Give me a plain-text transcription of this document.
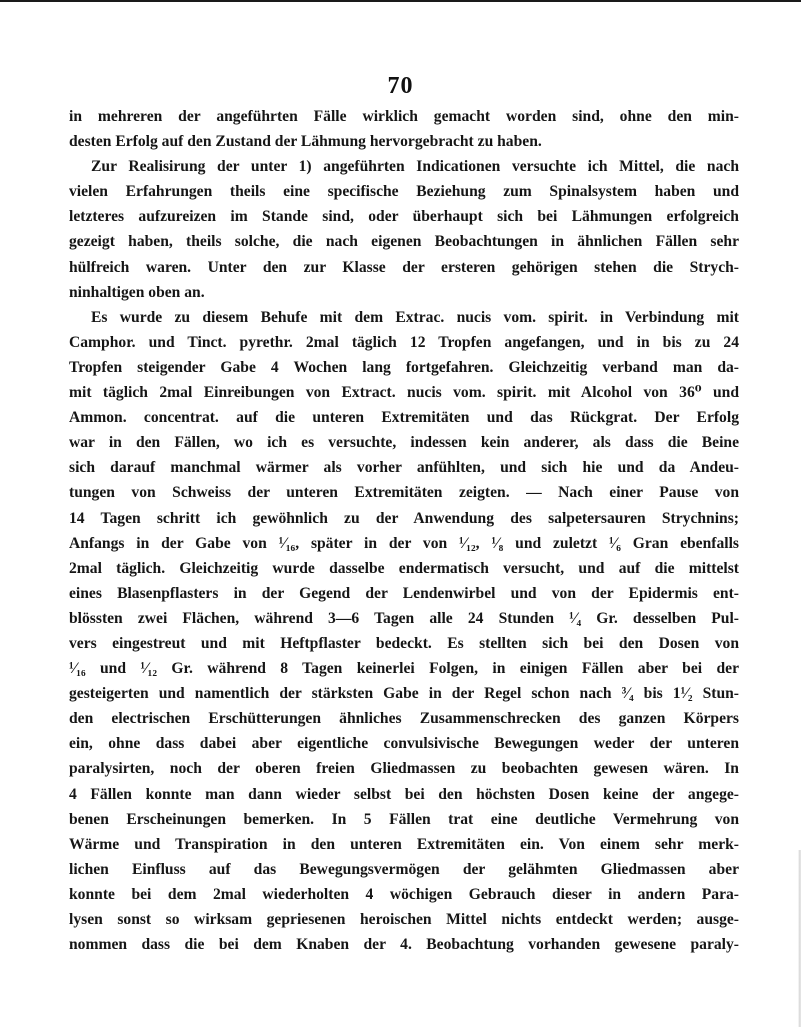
70
in mehreren der angeführten Fälle wirklich gemacht worden sind, ohne den min-
desten Erfolg auf den Zustand der Lähmung hervorgebracht zu haben.
Zur Realisirung der unter 1) angeführten Indicationen versuchte ich Mittel, die nach
vielen Erfahrungen theils eine specifische Beziehung zum Spinalsystem haben und
letzteres aufzureizen im Stande sind, oder überhaupt sich bei Lähmungen erfolgreich
gezeigt haben, theils solche, die nach eigenen Beobachtungen in ähnlichen Fällen sehr
hülfreich waren. Unter den zur Klasse der ersteren gehörigen stehen die Strych-
ninhaltigen oben an.
Es wurde zu diesem Behufe mit dem Extrac. nucis vom. spirit. in Verbindung mit
Camphor. und Tinct. pyrethr. 2mal täglich 12 Tropfen angefangen, und in bis zu 24
Tropfen steigender Gabe 4 Wochen lang fortgefahren. Gleichzeitig verband man da-
mit täglich 2mal Einreibungen von Extract. nucis vom. spirit. mit Alcohol von 36⁰ und
Ammon. concentrat. auf die unteren Extremitäten und das Rückgrat. Der Erfolg
war in den Fällen, wo ich es versuchte, indessen kein anderer, als dass die Beine
sich darauf manchmal wärmer als vorher anfühlten, und sich hie und da Andeu-
tungen von Schweiss der unteren Extremitäten zeigten. — Nach einer Pause von
14 Tagen schritt ich gewöhnlich zu der Anwendung des salpetersauren Strychnins;
Anfangs in der Gabe von ¹⁄₁₆, später in der von ¹⁄₁₂, ¹⁄₈ und zuletzt ¹⁄₆ Gran ebenfalls
2mal täglich. Gleichzeitig wurde dasselbe endermatisch versucht, und auf die mittelst
eines Blasenpflasters in der Gegend der Lendenwirbel und von der Epidermis ent-
blössten zwei Flächen, während 3—6 Tagen alle 24 Stunden ¹⁄₄ Gr. desselben Pul-
vers eingestreut und mit Heftpflaster bedeckt. Es stellten sich bei den Dosen von
¹⁄₁₆ und ¹⁄₁₂ Gr. während 8 Tagen keinerlei Folgen, in einigen Fällen aber bei der
gesteigerten und namentlich der stärksten Gabe in der Regel schon nach ³⁄₄ bis 1¹⁄₂ Stun-
den electrischen Erschütterungen ähnliches Zusammenschrecken des ganzen Körpers
ein, ohne dass dabei aber eigentliche convulsivische Bewegungen weder der unteren
paralysirten, noch der oberen freien Gliedmassen zu beobachten gewesen wären. In
4 Fällen konnte man dann wieder selbst bei den höchsten Dosen keine der angege-
benen Erscheinungen bemerken. In 5 Fällen trat eine deutliche Vermehrung von
Wärme und Transpiration in den unteren Extremitäten ein. Von einem sehr merk-
lichen Einfluss auf das Bewegungsvermögen der gelähmten Gliedmassen aber
konnte bei dem 2mal wiederholten 4 wöchigen Gebrauch dieser in andern Para-
lysen sonst so wirksam gepriesenen heroischen Mittel nichts entdeckt werden; ausge-
nommen dass die bei dem Knaben der 4. Beobachtung vorhanden gewesene paraly-
